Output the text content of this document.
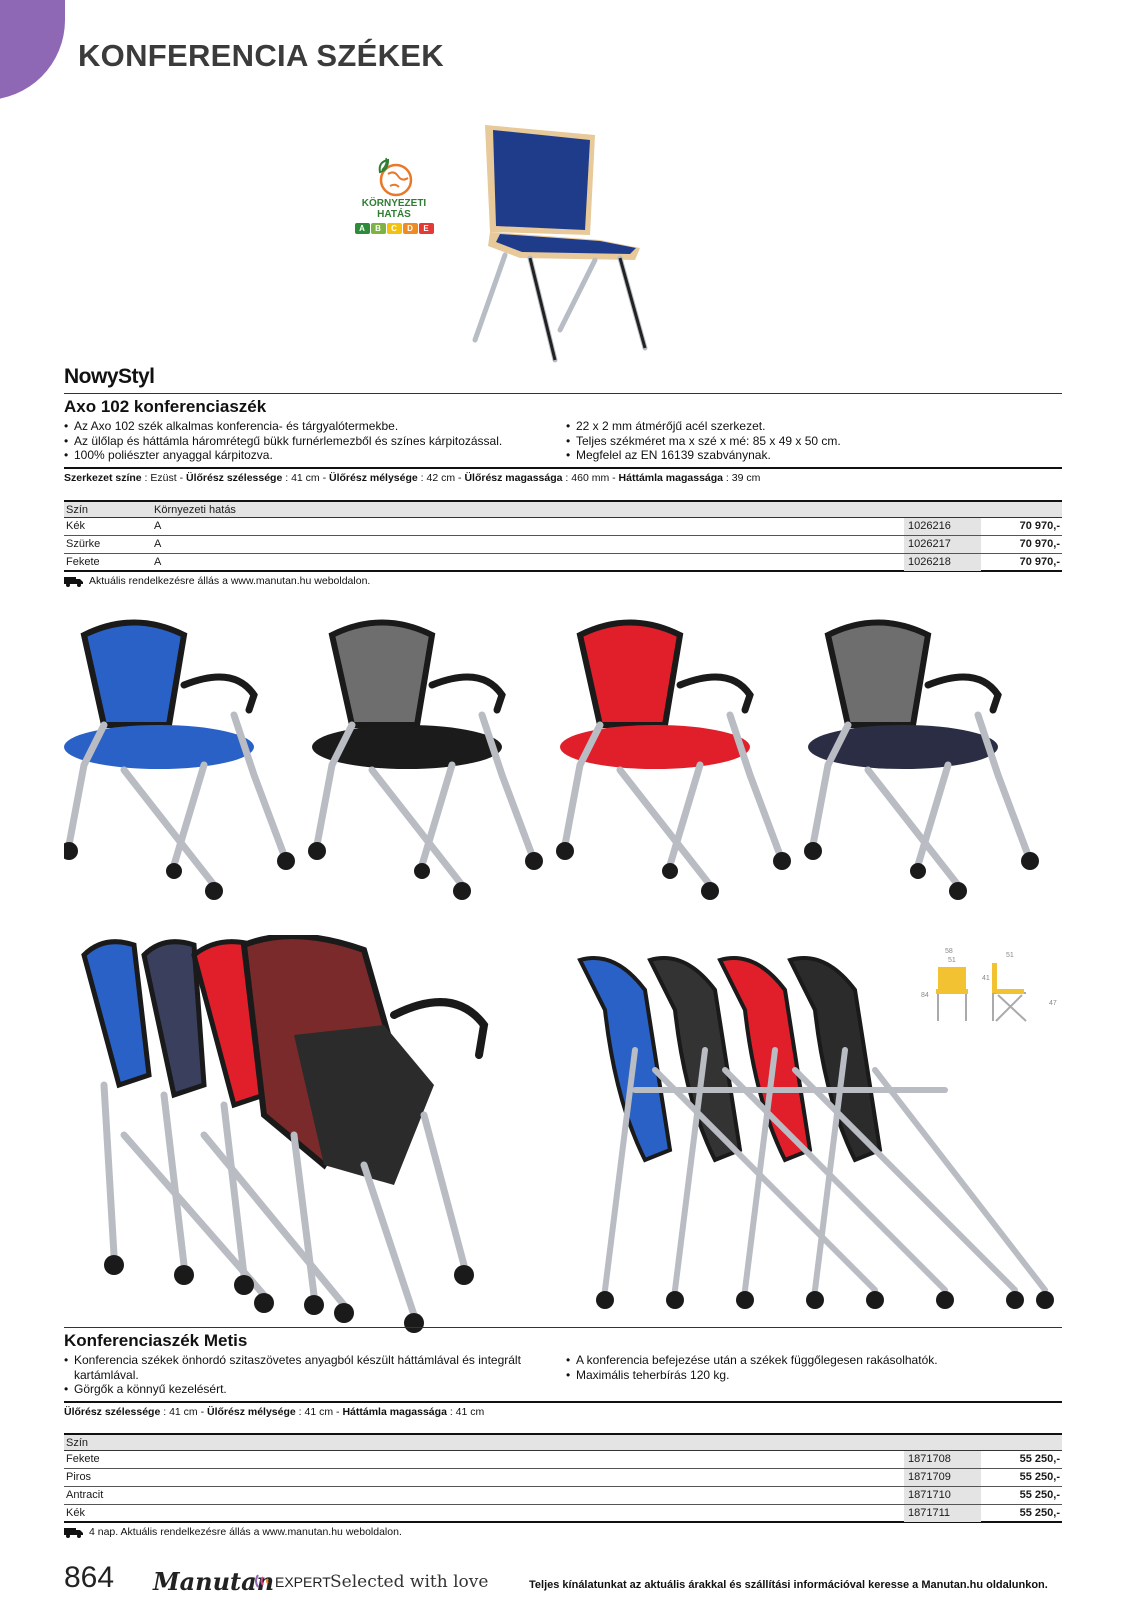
KONFERENCIA SZÉKEK
KÖRNYEZETI
HATÁS
A	B	C	D	E
NowyStyl
Axo 102 konferenciaszék
• Az Axo 102 szék alkalmas konferencia- és tárgyalótermekbe.
• Az ülőlap és háttámla háromrétegű bükk furnérlemezből és színes kárpitozással.
• 100% poliészter anyaggal kárpitozva.
• 22 x 2 mm átmérőjű acél szerkezet.
• Teljes székméret ma x szé x mé: 85 x 49 x 50 cm.
• Megfelel az EN 16139 szabványnak.
Szerkezet színe : Ezüst - Ülőrész szélessége : 41 cm - Ülőrész mélysége : 42 cm - Ülőrész magassága : 460 mm - Háttámla magassága : 39 cm
Szín	Környezeti hatás
Kék	A	1026216	70 970,-
Szürke	A	1026217	70 970,-
Fekete	A	1026218	70 970,-
Aktuális rendelkezésre állás a www.manutan.hu weboldalon.
58
51
51
41
84
47
Konferenciaszék Metis
• Konferencia székek önhordó szitaszövetes anyagból készült háttámlával és integrált kartámlával.
• Görgők a könnyű kezelésért.
• A konferencia befejezése után a székek függőlegesen rakásolhatók.
• Maximális teherbírás 120 kg.
Ülőrész szélessége : 41 cm - Ülőrész mélysége : 41 cm - Háttámla magassága : 41 cm
Szín
Fekete	1871708	55 250,-
Piros	1871709	55 250,-
Antracit	1871710	55 250,-
Kék	1871711	55 250,-
4 nap. Aktuális rendelkezésre állás a www.manutan.hu weboldalon.
864 Manutan EXPERT Selected with love	Teljes kínálatunkat az aktuális árakkal és szállítási információval keresse a Manutan.hu oldalunkon.
